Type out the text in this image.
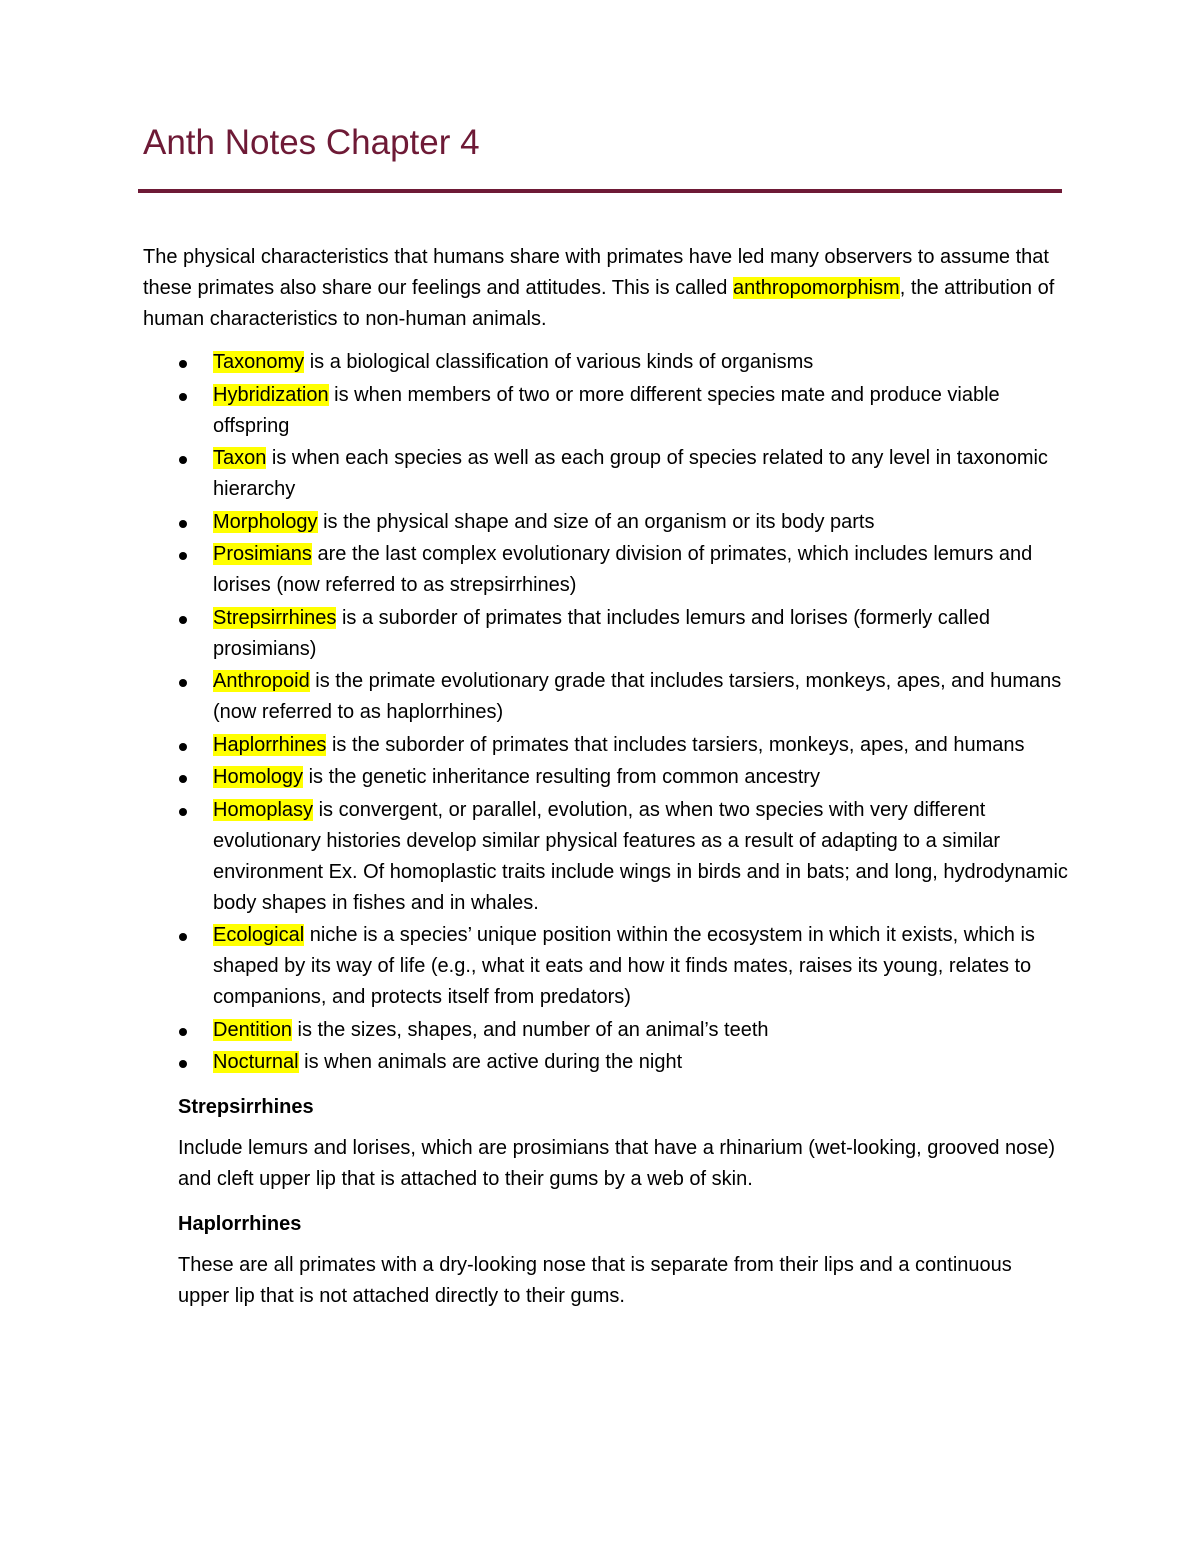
Anth Notes Chapter 4

The physical characteristics that humans share with primates have led many observers to assume that these primates also share our feelings and attitudes. This is called anthropomorphism, the attribution of human characteristics to non-human animals.

Taxonomy is a biological classification of various kinds of organisms
Hybridization is when members of two or more different species mate and produce viable offspring
Taxon is when each species as well as each group of species related to any level in taxonomic hierarchy
Morphology is the physical shape and size of an organism or its body parts
Prosimians are the last complex evolutionary division of primates, which includes lemurs and lorises (now referred to as strepsirrhines)
Strepsirrhines is a suborder of primates that includes lemurs and lorises (formerly called prosimians)
Anthropoid is the primate evolutionary grade that includes tarsiers, monkeys, apes, and humans (now referred to as haplorrhines)
Haplorrhines is the suborder of primates that includes tarsiers, monkeys, apes, and humans
Homology is the genetic inheritance resulting from common ancestry
Homoplasy is convergent, or parallel, evolution, as when two species with very different evolutionary histories develop similar physical features as a result of adapting to a similar environment Ex. Of homoplastic traits include wings in birds and in bats; and long, hydrodynamic body shapes in fishes and in whales.
Ecological niche is a species’ unique position within the ecosystem in which it exists, which is shaped by its way of life (e.g., what it eats and how it finds mates, raises its young, relates to companions, and protects itself from predators)
Dentition is the sizes, shapes, and number of an animal’s teeth
Nocturnal is when animals are active during the night
Strepsirrhines

Include lemurs and lorises, which are prosimians that have a rhinarium (wet-looking, grooved nose) and cleft upper lip that is attached to their gums by a web of skin.

Haplorrhines

These are all primates with a dry-looking nose that is separate from their lips and a continuous upper lip that is not attached directly to their gums.
